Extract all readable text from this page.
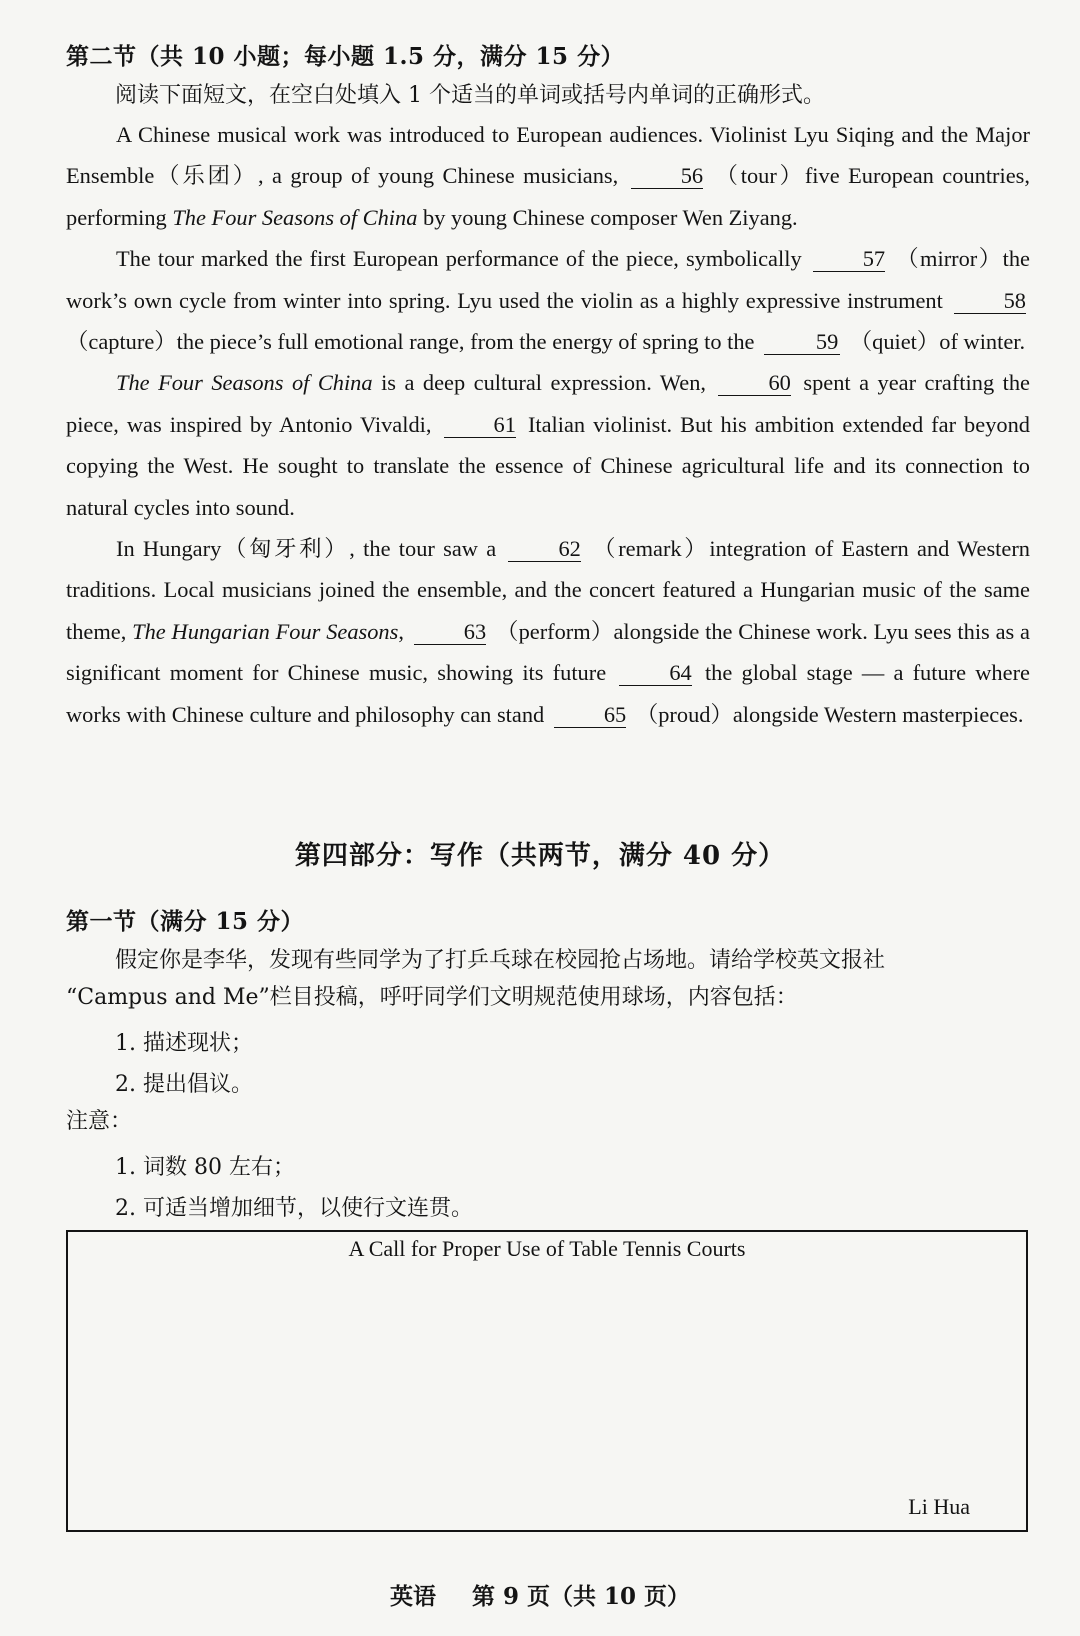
第二节（共 10 小题；每小题 1.5 分，满分 15 分）
阅读下面短文，在空白处填入 1 个适当的单词或括号内单词的正确形式。

A Chinese musical work was introduced to European audiences. Violinist Lyu Siqing and the Major Ensemble（乐团）, a group of young Chinese musicians,	56 （tour）five European countries, performing The Four Seasons of China by young Chinese composer Wen Ziyang.

The tour marked the first European performance of the piece, symbolically	57 （mirror）the work’s own cycle from winter into spring. Lyu used the violin as a highly expressive instrument	58 （capture）the piece’s full emotional range, from the energy of spring to the	59 （quiet）of winter.

The Four Seasons of China is a deep cultural expression. Wen,	60 spent a year crafting the piece, was inspired by Antonio Vivaldi,	61 Italian violinist. But his ambition extended far beyond copying the West. He sought to translate the essence of Chinese agricultural life and its connection to natural cycles into sound.

In Hungary（匈牙利）, the tour saw a	62 （remark）integration of Eastern and Western traditions. Local musicians joined the ensemble, and the concert featured a Hungarian music of the same theme, The Hungarian Four Seasons,	63 （perform）alongside the Chinese work. Lyu sees this as a significant moment for Chinese music, showing its future	64 the global stage — a future where works with Chinese culture and philosophy can stand	65 （proud）alongside Western masterpieces.

第四部分：写作（共两节，满分 40 分）
第一节（满分 15 分）
假定你是李华，发现有些同学为了打乒乓球在校园抢占场地。请给学校英文报社
“Campus and Me”栏目投稿，呼吁同学们文明规范使用球场，内容包括：
1. 描述现状；
2. 提出倡议。
注意：
1. 词数 80 左右；
2. 可适当增加细节，以使行文连贯。
A Call for Proper Use of Table Tennis Courts
Li Hua
英语 第 9 页（共 10 页）
